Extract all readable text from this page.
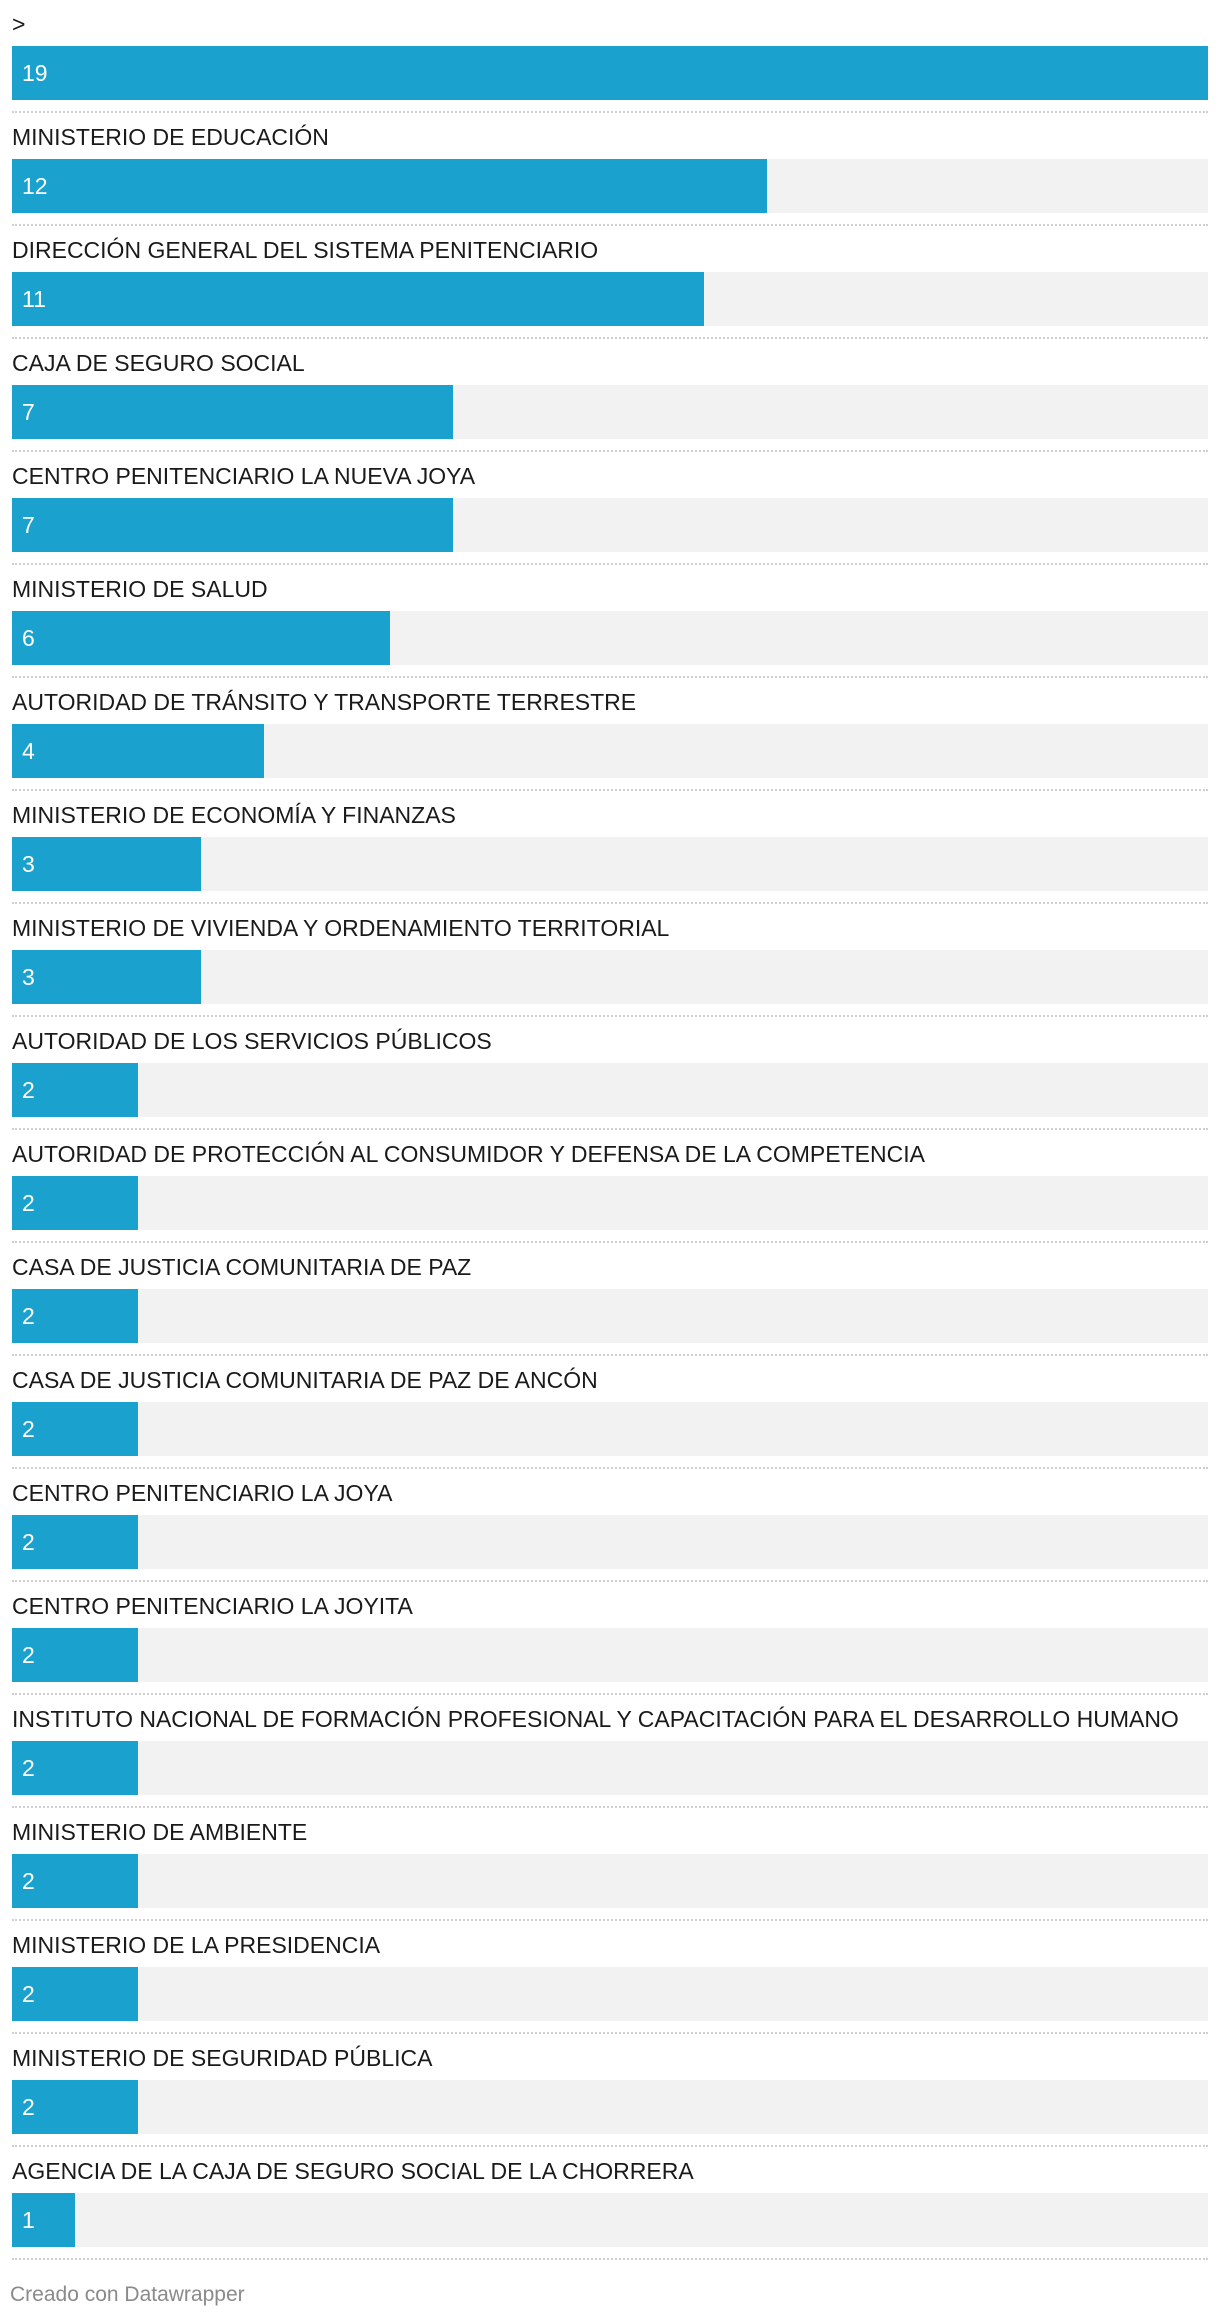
>
19
MINISTERIO DE EDUCACIÓN
12
DIRECCIÓN GENERAL DEL SISTEMA PENITENCIARIO
11
CAJA DE SEGURO SOCIAL
7
CENTRO PENITENCIARIO LA NUEVA JOYA
7
MINISTERIO DE SALUD
6
AUTORIDAD DE TRÁNSITO Y TRANSPORTE TERRESTRE
4
MINISTERIO DE ECONOMÍA Y FINANZAS
3
MINISTERIO DE VIVIENDA Y ORDENAMIENTO TERRITORIAL
3
AUTORIDAD DE LOS SERVICIOS PÚBLICOS
2
AUTORIDAD DE PROTECCIÓN AL CONSUMIDOR Y DEFENSA DE LA COMPETENCIA
2
CASA DE JUSTICIA COMUNITARIA DE PAZ
2
CASA DE JUSTICIA COMUNITARIA DE PAZ DE ANCÓN
2
CENTRO PENITENCIARIO LA JOYA
2
CENTRO PENITENCIARIO LA JOYITA
2
INSTITUTO NACIONAL DE FORMACIÓN PROFESIONAL Y CAPACITACIÓN PARA EL DESARROLLO HUMANO
2
MINISTERIO DE AMBIENTE
2
MINISTERIO DE LA PRESIDENCIA
2
MINISTERIO DE SEGURIDAD PÚBLICA
2
AGENCIA DE LA CAJA DE SEGURO SOCIAL DE LA CHORRERA
1
Creado con Datawrapper
